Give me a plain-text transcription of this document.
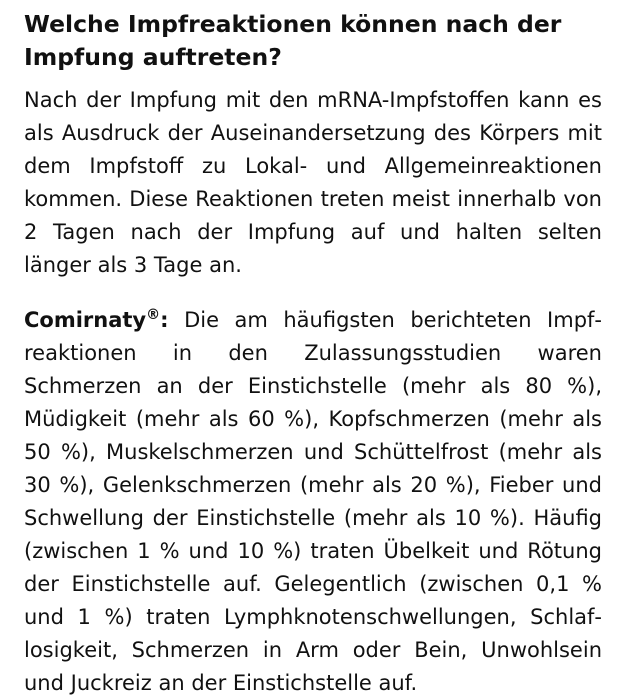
Welche Impfreaktionen können nach der Impfung auftreten?

Nach der Impfung mit den mRNA-Impfstoffen kann es als Ausdruck der Auseinandersetzung des Körpers mit dem Impfstoff zu Lokal- und Allgemeinreaktionen kommen. Diese Reaktionen treten meist innerhalb von 2 Tagen nach der Impfung auf und halten selten länger als 3 Tage an.

Comirnaty®: Die am häufigsten berichteten Impfreaktionen in den Zulassungsstudien waren Schmerzen an der Einstichstelle (mehr als 80 %), Müdigkeit (mehr als 60 %), Kopfschmerzen (mehr als 50 %), Muskelschmerzen und Schüttelfrost (mehr als 30 %), Gelenkschmerzen (mehr als 20 %), Fieber und Schwellung der Einstichstelle (mehr als 10 %). Häufig (zwischen 1 % und 10 %) traten Übelkeit und Rötung der Einstichstelle auf. Gelegentlich (zwischen 0,1 % und 1 %) traten Lymphknotenschwellungen, Schlaflosigkeit, Schmerzen in Arm oder Bein, Unwohlsein und Juckreiz an der Einstichstelle auf.
